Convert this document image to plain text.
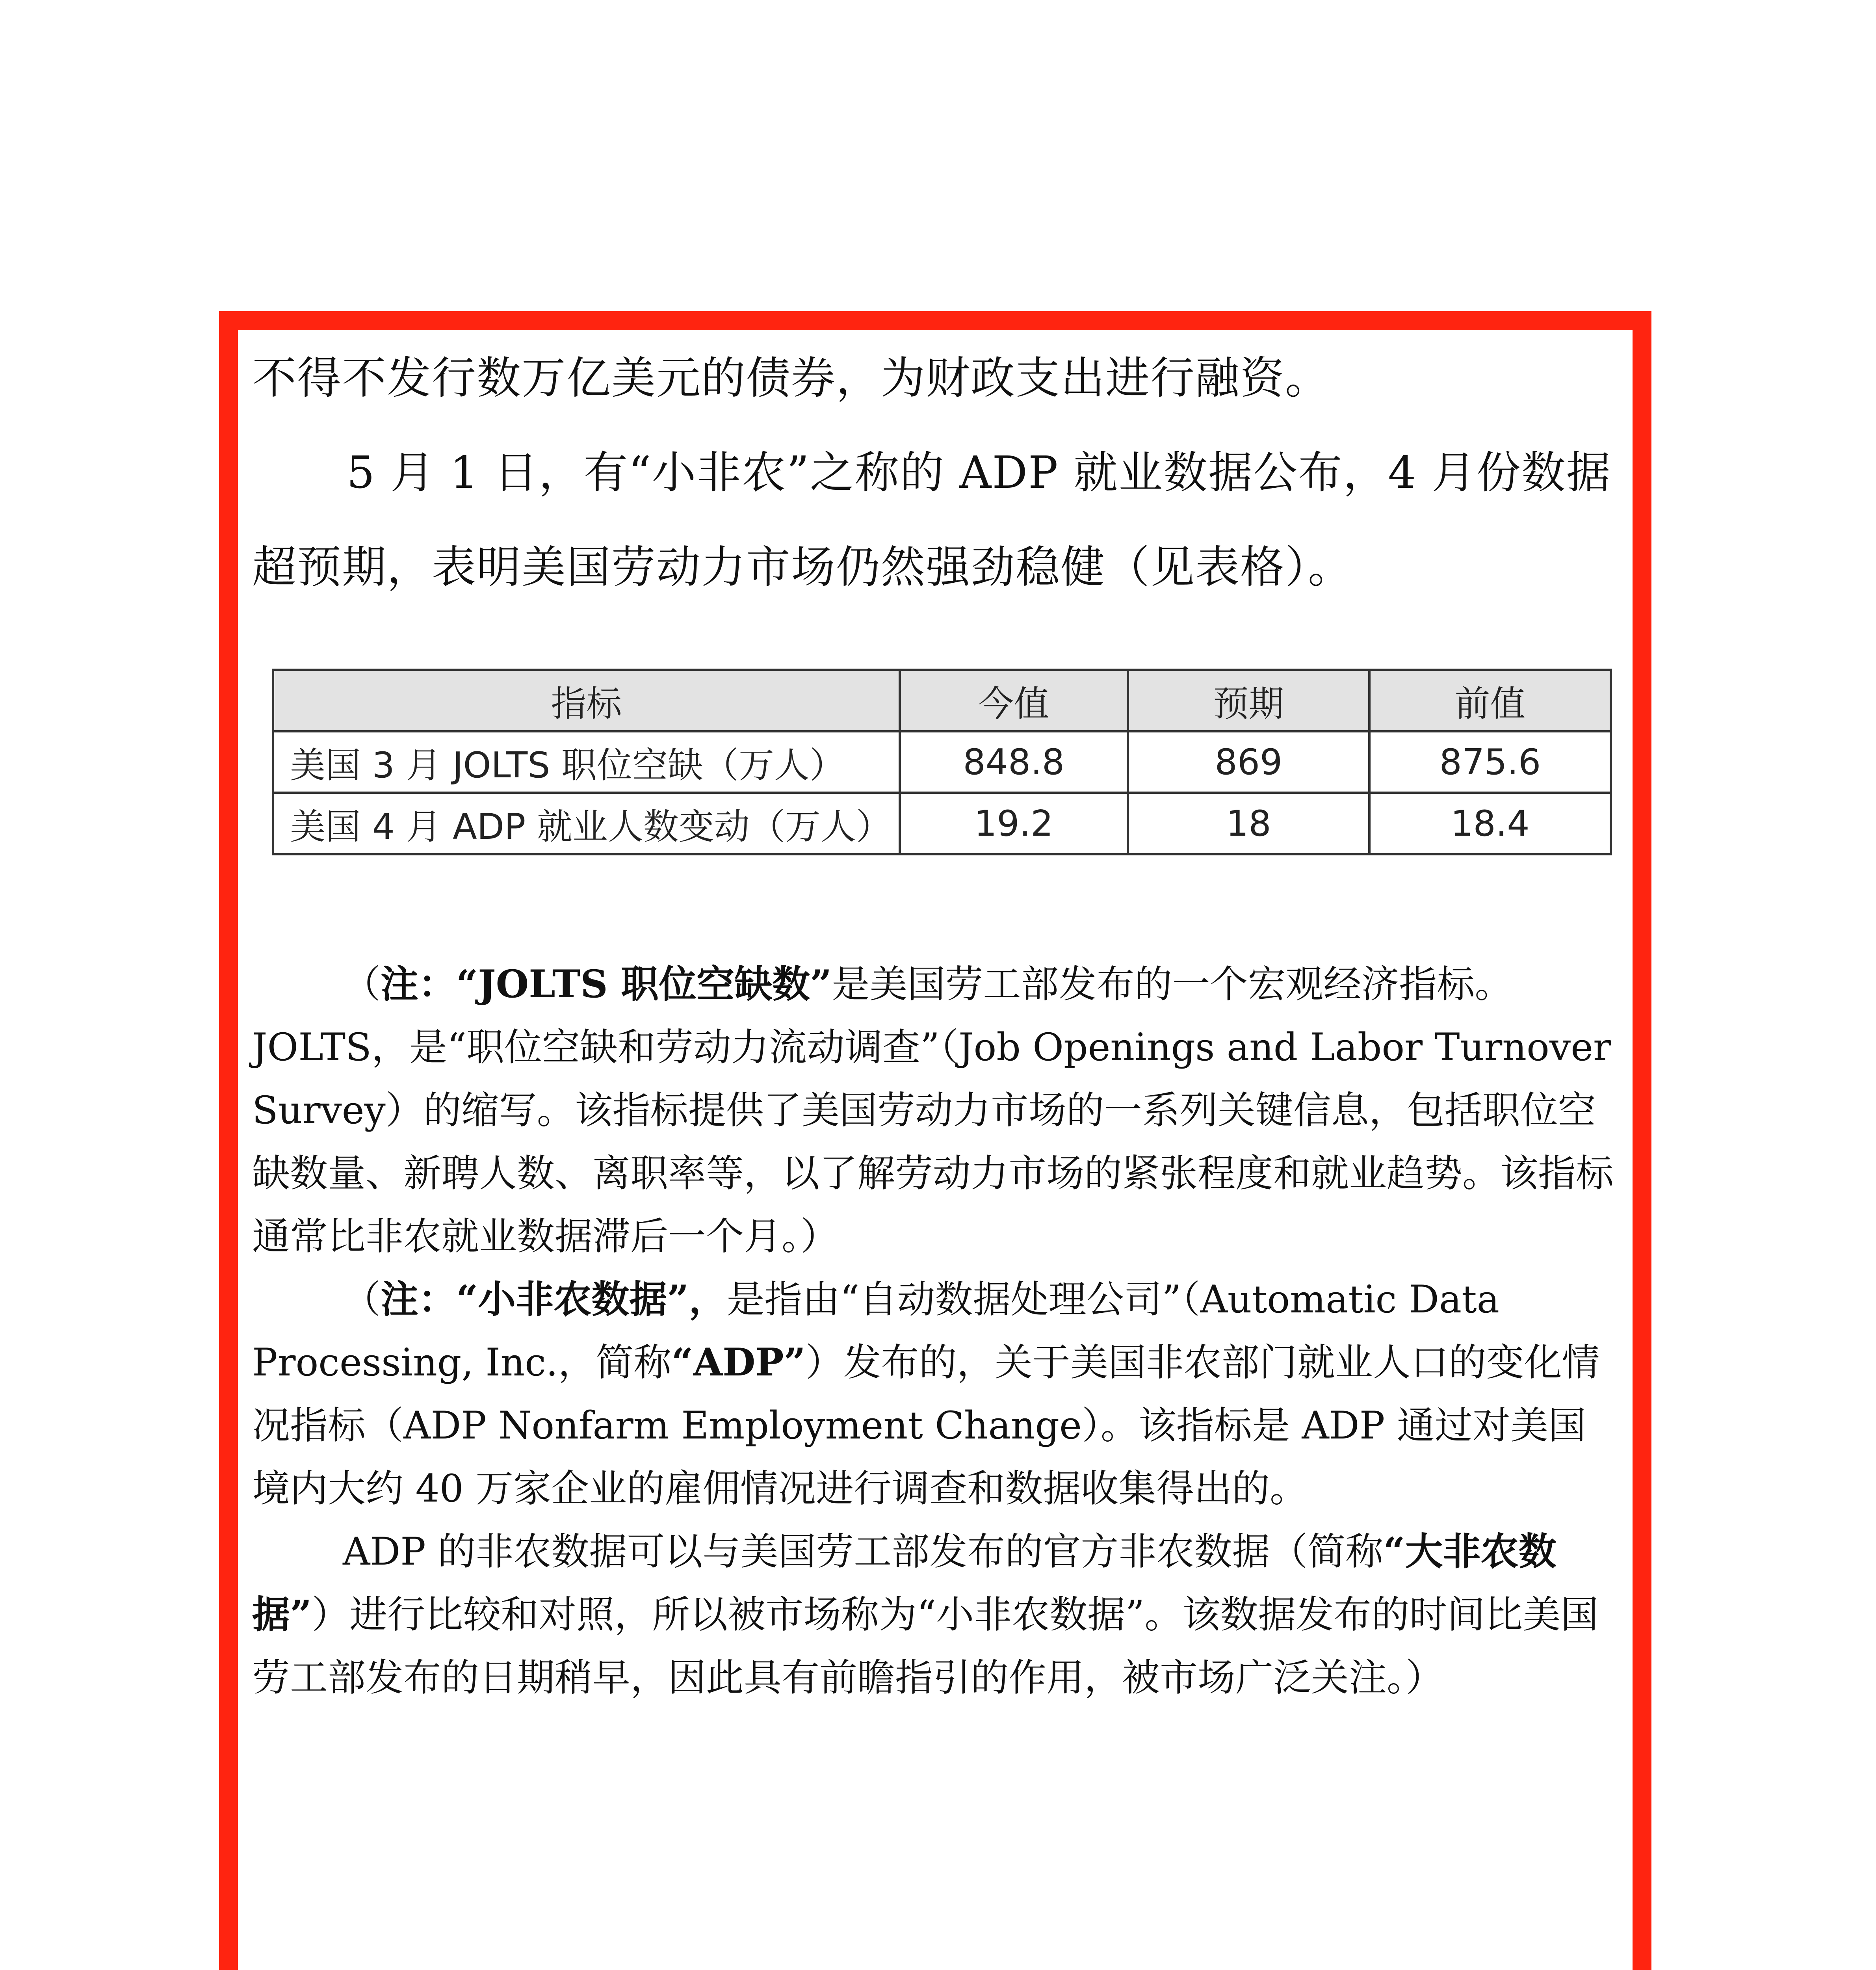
不得不发行数万亿美元的债券，为财政支出进行融资。

5 月 1 日，有“小非农”之称的 ADP 就业数据公布，4 月份数据超预期，表明美国劳动力市场仍然强劲稳健（见表格）。

指标	今值	预期	前值
美国 3 月 JOLTS 职位空缺（万人）	848.8	869	875.6
美国 4 月 ADP 就业人数变动（万人）	19.2	18	18.4

（注：“JOLTS 职位空缺数”是美国劳工部发布的一个宏观经济指标。JOLTS，是“职位空缺和劳动力流动调查”（Job Openings and Labor Turnover Survey）的缩写。该指标提供了美国劳动力市场的一系列关键信息，包括职位空缺数量、新聘人数、离职率等，以了解劳动力市场的紧张程度和就业趋势。该指标通常比非农就业数据滞后一个月。）

（注：“小非农数据”，是指由“自动数据处理公司”（Automatic Data Processing, Inc.，简称“ADP”）发布的，关于美国非农部门就业人口的变化情况指标（ADP Nonfarm Employment Change）。该指标是 ADP 通过对美国境内大约 40 万家企业的雇佣情况进行调查和数据收集得出的。

ADP 的非农数据可以与美国劳工部发布的官方非农数据（简称“大非农数据”）进行比较和对照，所以被市场称为“小非农数据”。该数据发布的时间比美国劳工部发布的日期稍早，因此具有前瞻指引的作用，被市场广泛关注。）
